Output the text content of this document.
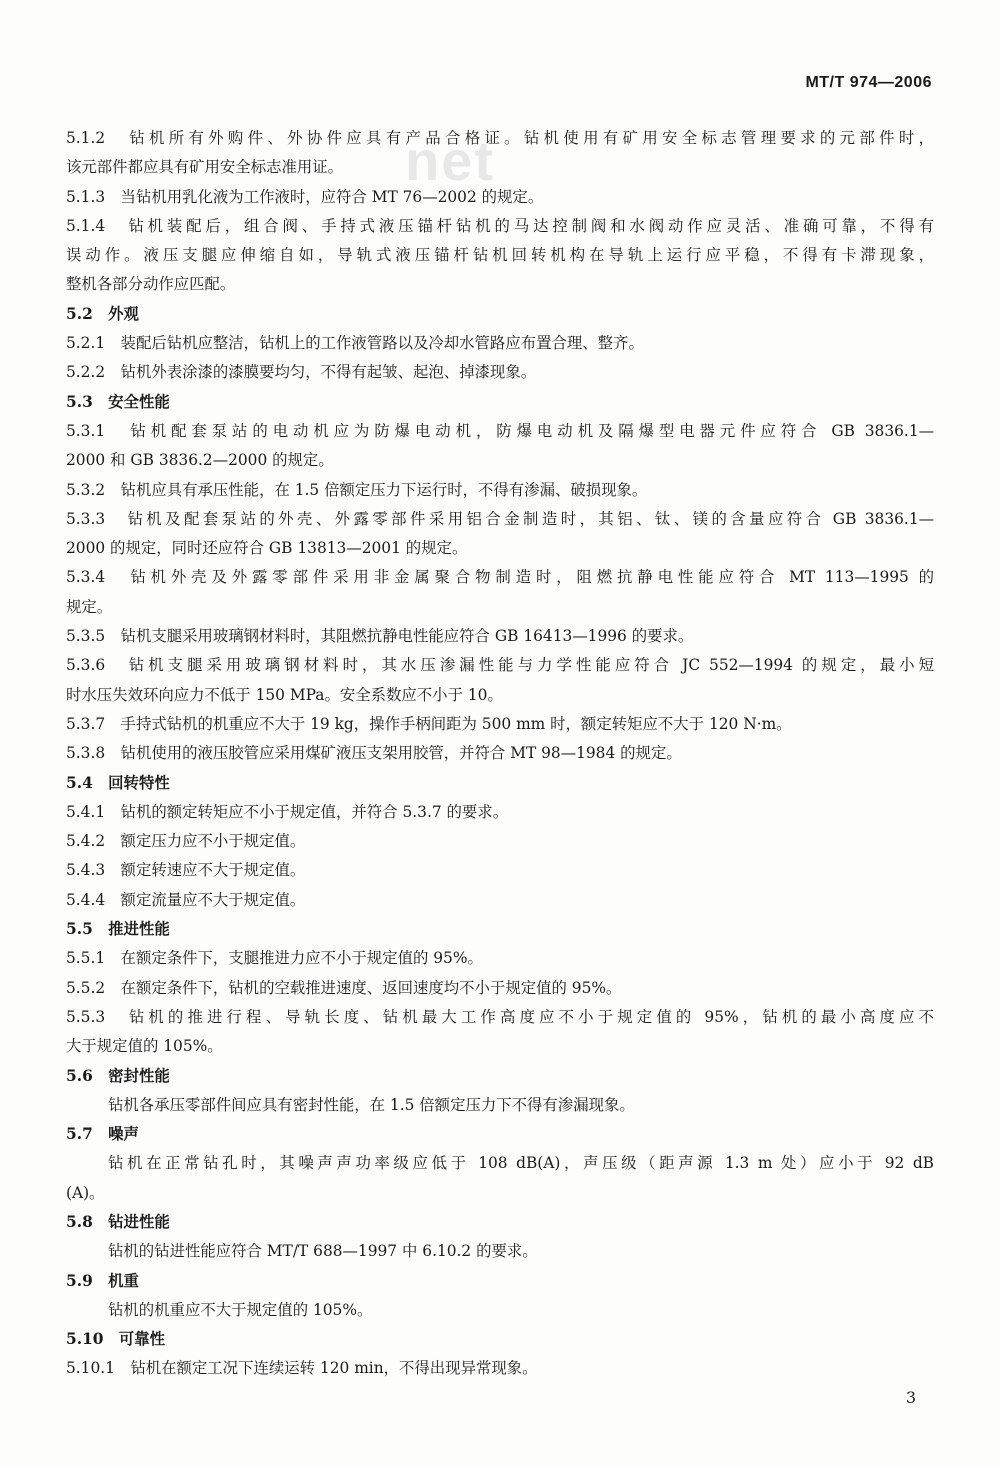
MT/T 974—2006
net
5.1.2　钻机所有外购件、外协件应具有产品合格证。钻机使用有矿用安全标志管理要求的元部件时，
该元部件都应具有矿用安全标志准用证。
5.1.3　当钻机用乳化液为工作液时，应符合 MT 76—2002 的规定。
5.1.4　钻机装配后，组合阀、手持式液压锚杆钻机的马达控制阀和水阀动作应灵活、准确可靠，不得有
误动作。液压支腿应伸缩自如，导轨式液压锚杆钻机回转机构在导轨上运行应平稳，不得有卡滞现象，
整机各部分动作应匹配。
5.2　外观
5.2.1　装配后钻机应整洁，钻机上的工作液管路以及冷却水管路应布置合理、整齐。
5.2.2　钻机外表涂漆的漆膜要均匀，不得有起皱、起泡、掉漆现象。
5.3　安全性能
5.3.1　钻机配套泵站的电动机应为防爆电动机，防爆电动机及隔爆型电器元件应符合 GB 3836.1—
2000 和 GB 3836.2—2000 的规定。
5.3.2　钻机应具有承压性能，在 1.5 倍额定压力下运行时，不得有渗漏、破损现象。
5.3.3　钻机及配套泵站的外壳、外露零部件采用铝合金制造时，其铝、钛、镁的含量应符合 GB 3836.1—
2000 的规定，同时还应符合 GB 13813—2001 的规定。
5.3.4　钻机外壳及外露零部件采用非金属聚合物制造时，阻燃抗静电性能应符合 MT 113—1995 的
规定。
5.3.5　钻机支腿采用玻璃钢材料时，其阻燃抗静电性能应符合 GB 16413—1996 的要求。
5.3.6　钻机支腿采用玻璃钢材料时，其水压渗漏性能与力学性能应符合 JC 552—1994 的规定，最小短
时水压失效环向应力不低于 150 MPa。安全系数应不小于 10。
5.3.7　手持式钻机的机重应不大于 19 kg，操作手柄间距为 500 mm 时，额定转矩应不大于 120 N·m。
5.3.8　钻机使用的液压胶管应采用煤矿液压支架用胶管，并符合 MT 98—1984 的规定。
5.4　回转特性
5.4.1　钻机的额定转矩应不小于规定值，并符合 5.3.7 的要求。
5.4.2　额定压力应不小于规定值。
5.4.3　额定转速应不大于规定值。
5.4.4　额定流量应不大于规定值。
5.5　推进性能
5.5.1　在额定条件下，支腿推进力应不小于规定值的 95%。
5.5.2　在额定条件下，钻机的空载推进速度、返回速度均不小于规定值的 95%。
5.5.3　钻机的推进行程、导轨长度、钻机最大工作高度应不小于规定值的 95%，钻机的最小高度应不
大于规定值的 105%。
5.6　密封性能
钻机各承压零部件间应具有密封性能，在 1.5 倍额定压力下不得有渗漏现象。
5.7　噪声
钻机在正常钻孔时，其噪声声功率级应低于 108 dB(A)，声压级（距声源 1.3 m 处）应小于 92 dB
(A)。
5.8　钻进性能
钻机的钻进性能应符合 MT/T 688—1997 中 6.10.2 的要求。
5.9　机重
钻机的机重应不大于规定值的 105%。
5.10　可靠性
5.10.1　钻机在额定工况下连续运转 120 min，不得出现异常现象。
3
